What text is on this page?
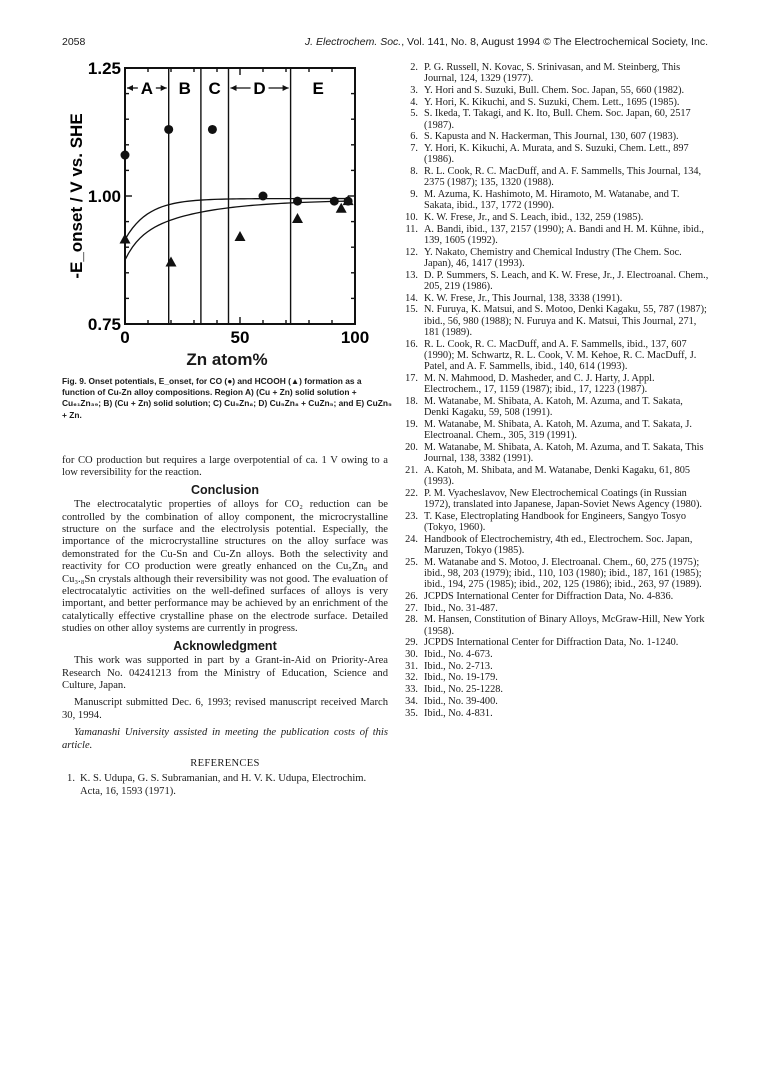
2058	J. Electrochem. Soc., Vol. 141, No. 8, August 1994 © The Electrochemical Society, Inc.
0.75
1.00
1.25
0	50	100
-E_onset / V vs. SHE
A B C D	E
Zn atom%
Fig. 9. Onset potentials, E_onset, for CO (●) and HCOOH (▲) formation as a function of Cu-Zn alloy compositions. Region A) (Cu + Zn) solid solution + Cu₆₁Zn₃₉; B) (Cu + Zn) solid solution; C) Cu₅Zn₈; D) Cu₅Zn₈ + CuZn₅; and E) CuZn₅ + Zn.

for CO production but requires a large overpotential of ca. 1 V owing to a low reversibility for the reaction.

Conclusion

The electrocatalytic properties of alloys for CO₂ reduction can be controlled by the combination of alloy component, the microcrystalline structure on the surface and the electrolysis potential. Especially, the importance of the microcrystalline structures on the alloy surface was demonstrated for the Cu-Sn and Cu-Zn alloys. Both the selectivity and reactivity for CO production were greatly enhanced on the Cu₅Zn₈ and Cu₃.₈Sn crystals although their reversibility was not good. The evaluation of electrocatalytic activities on the well-defined surfaces of alloys is very important, and better performance may be achieved by an enrichment of the catalytically effective crystalline phase on the electrode surface. Detailed studies on other alloy systems are currently in progress.

Acknowledgment

This work was supported in part by a Grant-in-Aid on Priority-Area Research No. 04241213 from the Ministry of Education, Science and Culture, Japan.

Manuscript submitted Dec. 6, 1993; revised manuscript received March 30, 1994.

Yamanashi University assisted in meeting the publication costs of this article.

REFERENCES
1. K. S. Udupa, G. S. Subramanian, and H. V. K. Udupa, Electrochim. Acta, 16, 1593 (1971).
2. P. G. Russell, N. Kovac, S. Srinivasan, and M. Steinberg, This Journal, 124, 1329 (1977).
3. Y. Hori and S. Suzuki, Bull. Chem. Soc. Japan, 55, 660 (1982).
4. Y. Hori, K. Kikuchi, and S. Suzuki, Chem. Lett., 1695 (1985).
5. S. Ikeda, T. Takagi, and K. Ito, Bull. Chem. Soc. Japan, 60, 2517 (1987).
6. S. Kapusta and N. Hackerman, This Journal, 130, 607 (1983).
7. Y. Hori, K. Kikuchi, A. Murata, and S. Suzuki, Chem. Lett., 897 (1986).
8. R. L. Cook, R. C. MacDuff, and A. F. Sammells, This Journal, 134, 2375 (1987); 135, 1320 (1988).
9. M. Azuma, K. Hashimoto, M. Hiramoto, M. Watanabe, and T. Sakata, ibid., 137, 1772 (1990).
10. K. W. Frese, Jr., and S. Leach, ibid., 132, 259 (1985).
11. A. Bandi, ibid., 137, 2157 (1990); A. Bandi and H. M. Kühne, ibid., 139, 1605 (1992).
12. Y. Nakato, Chemistry and Chemical Industry (The Chem. Soc. Japan), 46, 1417 (1993).
13. D. P. Summers, S. Leach, and K. W. Frese, Jr., J. Electroanal. Chem., 205, 219 (1986).
14. K. W. Frese, Jr., This Journal, 138, 3338 (1991).
15. N. Furuya, K. Matsui, and S. Motoo, Denki Kagaku, 55, 787 (1987); ibid., 56, 980 (1988); N. Furuya and K. Matsui, This Journal, 271, 181 (1989).
16. R. L. Cook, R. C. MacDuff, and A. F. Sammells, ibid., 137, 607 (1990); M. Schwartz, R. L. Cook, V. M. Kehoe, R. C. MacDuff, J. Patel, and A. F. Sammells, ibid., 140, 614 (1993).
17. M. N. Mahmood, D. Masheder, and C. J. Harty, J. Appl. Electrochem., 17, 1159 (1987); ibid., 17, 1223 (1987).
18. M. Watanabe, M. Shibata, A. Katoh, M. Azuma, and T. Sakata, Denki Kagaku, 59, 508 (1991).
19. M. Watanabe, M. Shibata, A. Katoh, M. Azuma, and T. Sakata, J. Electroanal. Chem., 305, 319 (1991).
20. M. Watanabe, M. Shibata, A. Katoh, M. Azuma, and T. Sakata, This Journal, 138, 3382 (1991).
21. A. Katoh, M. Shibata, and M. Watanabe, Denki Kagaku, 61, 805 (1993).
22. P. M. Vyacheslavov, New Electrochemical Coatings (in Russian 1972), translated into Japanese, Japan-Soviet News Agency (1980).
23. T. Kase, Electroplating Handbook for Engineers, Sangyo Tosyo (Tokyo, 1960).
24. Handbook of Electrochemistry, 4th ed., Electrochem. Soc. Japan, Maruzen, Tokyo (1985).
25. M. Watanabe and S. Motoo, J. Electroanal. Chem., 60, 275 (1975); ibid., 98, 203 (1979); ibid., 110, 103 (1980); ibid., 187, 161 (1985); ibid., 194, 275 (1985); ibid., 202, 125 (1986); ibid., 263, 97 (1989).
26. JCPDS International Center for Diffraction Data, No. 4-836.
27. Ibid., No. 31-487.
28. M. Hansen, Constitution of Binary Alloys, McGraw-Hill, New York (1958).
29. JCPDS International Center for Diffraction Data, No. 1-1240.
30. Ibid., No. 4-673.
31. Ibid., No. 2-713.
32. Ibid., No. 19-179.
33. Ibid., No. 25-1228.
34. Ibid., No. 39-400.
35. Ibid., No. 4-831.
